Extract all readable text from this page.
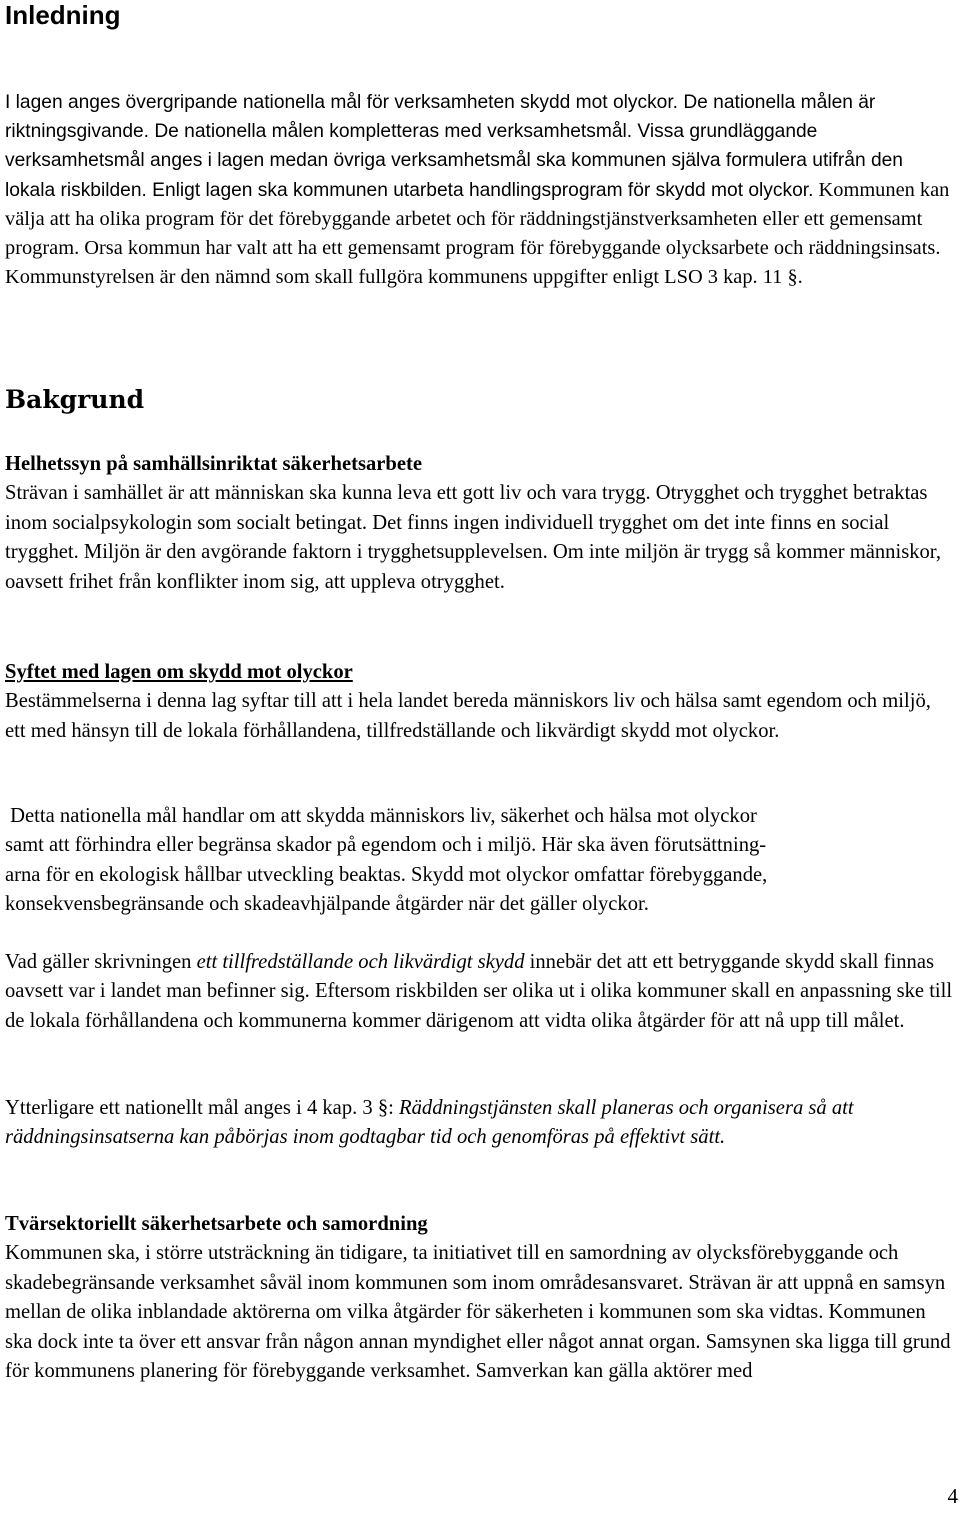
Inledning

I lagen anges övergripande nationella mål för verksamheten skydd mot olyckor. De nationella målen är riktningsgivande. De nationella målen kompletteras med verksamhetsmål. Vissa grundläggande verksamhetsmål anges i lagen medan övriga verksamhetsmål ska kommunen själva formulera utifrån den lokala riskbilden. Enligt lagen ska kommunen utarbeta handlingsprogram för skydd mot olyckor. Kommunen kan välja att ha olika program för det förebyggande arbetet och för räddningstjänstverksamheten eller ett gemensamt program. Orsa kommun har valt att ha ett gemensamt program för förebyggande olycksarbete och räddningsinsats. Kommunstyrelsen är den nämnd som skall fullgöra kommunens uppgifter enligt LSO 3 kap. 11 §.

Bakgrund
Helhetssyn på samhällsinriktat säkerhetsarbete
Strävan i samhället är att människan ska kunna leva ett gott liv och vara trygg. Otrygghet och trygghet betraktas inom socialpsykologin som socialt betingat. Det finns ingen individuell trygghet om det inte finns en social trygghet. Miljön är den avgörande faktorn i trygghetsupplevelsen. Om inte miljön är trygg så kommer människor, oavsett frihet från konflikter inom sig, att uppleva otrygghet.
Syftet med lagen om skydd mot olyckor
Bestämmelserna i denna lag syftar till att i hela landet bereda människors liv och hälsa samt egendom och miljö, ett med hänsyn till de lokala förhållandena, tillfredställande och likvärdigt skydd mot olyckor.
Detta nationella mål handlar om att skydda människors liv, säkerhet och hälsa mot olyckor
samt att förhindra eller begränsa skador på egendom och i miljö. Här ska även förutsättning-
arna för en ekologisk hållbar utveckling beaktas. Skydd mot olyckor omfattar förebyggande,
konsekvensbegränsande och skadeavhjälpande åtgärder när det gäller olyckor.

Vad gäller skrivningen ett tillfredställande och likvärdigt skydd innebär det att ett betryggande skydd skall finnas oavsett var i landet man befinner sig. Eftersom riskbilden ser olika ut i olika kommuner skall en anpassning ske till de lokala förhållandena och kommunerna kommer därigenom att vidta olika åtgärder för att nå upp till målet.

Ytterligare ett nationellt mål anges i 4 kap. 3 §: Räddningstjänsten skall planeras och organisera så att räddningsinsatserna kan påbörjas inom godtagbar tid och genomföras på effektivt sätt.

Tvärsektoriellt säkerhetsarbete och samordning
Kommunen ska, i större utsträckning än tidigare, ta initiativet till en samordning av olycksförebyggande och skadebegränsande verksamhet såväl inom kommunen som inom områdesansvaret. Strävan är att uppnå en samsyn mellan de olika inblandade aktörerna om vilka åtgärder för säkerheten i kommunen som ska vidtas. Kommunen ska dock inte ta över ett ansvar från någon annan myndighet eller något annat organ. Samsynen ska ligga till grund för kommunens planering för förebyggande verksamhet. Samverkan kan gälla aktörer med
4
